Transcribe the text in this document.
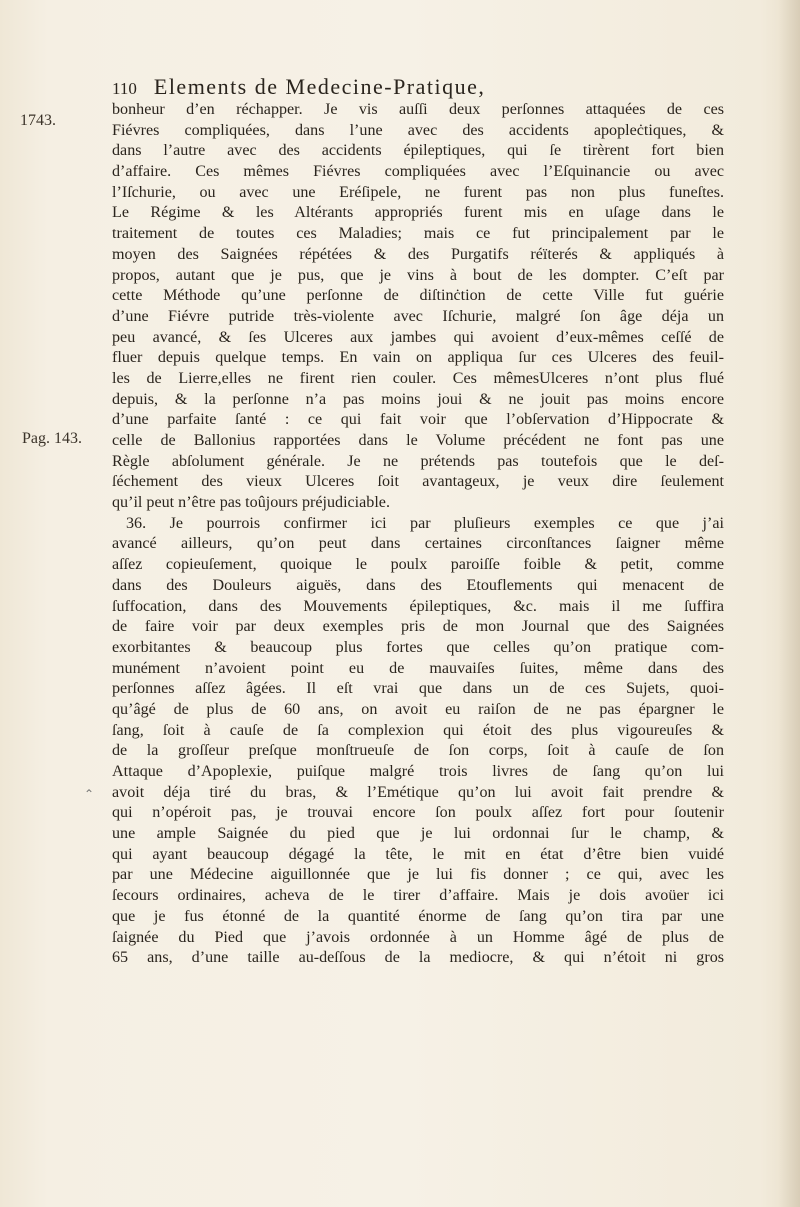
110 Elements de Medecine-Pratique,
1743.
Pag. 143.
⌃
bonheur d’en réchapper. Je vis auſſi deux perſonnes attaquées de ces
Fiévres compliquées, dans l’une avec des accidents apopleċtiques, &
dans l’autre avec des accidents épileptiques, qui ſe tirèrent fort bien
d’affaire. Ces mêmes Fiévres compliquées avec l’Eſquinancie ou avec
l’Iſchurie, ou avec une Eréſipele, ne furent pas non plus funeſtes.
Le Régime & les Altérants appropriés furent mis en uſage dans le
traitement de toutes ces Maladies; mais ce fut principalement par le
moyen des Saignées répétées & des Purgatifs réïterés & appliqués à
propos, autant que je pus, que je vins à bout de les dompter. C’eſt par
cette Méthode qu’une perſonne de diſtinċtion de cette Ville fut guérie
d’une Fiévre putride très-violente avec Iſchurie, malgré ſon âge déja un
peu avancé, & ſes Ulceres aux jambes qui avoient d’eux-mêmes ceſſé de
fluer depuis quelque temps. En vain on appliqua ſur ces Ulceres des feuil-
les de Lierre,elles ne firent rien couler. Ces mêmesUlceres n’ont plus flué
depuis, & la perſonne n’a pas moins joui & ne jouit pas moins encore
d’une parfaite ſanté : ce qui fait voir que l’obſervation d’Hippocrate &
celle de Ballonius rapportées dans le Volume précédent ne font pas une
Règle abſolument générale. Je ne prétends pas toutefois que le deſ-
ſéchement des vieux Ulceres ſoit avantageux, je veux dire ſeulement
qu’il peut n’être pas toûjours préjudiciable.
36. Je pourrois confirmer ici par pluſieurs exemples ce que j’ai
avancé ailleurs, qu’on peut dans certaines circonſtances ſaigner même
aſſez copieuſement, quoique le poulx paroiſſe foible & petit, comme
dans des Douleurs aiguës, dans des Etouflements qui menacent de
ſuffocation, dans des Mouvements épileptiques, &c. mais il me ſuffira
de faire voir par deux exemples pris de mon Journal que des Saignées
exorbitantes & beaucoup plus fortes que celles qu’on pratique com-
munément n’avoient point eu de mauvaiſes ſuites, même dans des
perſonnes aſſez âgées. Il eſt vrai que dans un de ces Sujets, quoi-
qu’âgé de plus de 60 ans, on avoit eu raiſon de ne pas épargner le
ſang, ſoit à cauſe de ſa complexion qui étoit des plus vigoureuſes &
de la groſſeur preſque monſtrueuſe de ſon corps, ſoit à cauſe de ſon
Attaque d’Apoplexie, puiſque malgré trois livres de ſang qu’on lui
avoit déja tiré du bras, & l’Emétique qu’on lui avoit fait prendre &
qui n’opéroit pas, je trouvai encore ſon poulx aſſez fort pour ſoutenir
une ample Saignée du pied que je lui ordonnai ſur le champ, &
qui ayant beaucoup dégagé la tête, le mit en état d’être bien vuidé
par une Médecine aiguillonnée que je lui fis donner ; ce qui, avec les
ſecours ordinaires, acheva de le tirer d’affaire. Mais je dois avoüer ici
que je fus étonné de la quantité énorme de ſang qu’on tira par une
ſaignée du Pied que j’avois ordonnée à un Homme âgé de plus de
65 ans, d’une taille au-deſſous de la mediocre, & qui n’étoit ni gros
